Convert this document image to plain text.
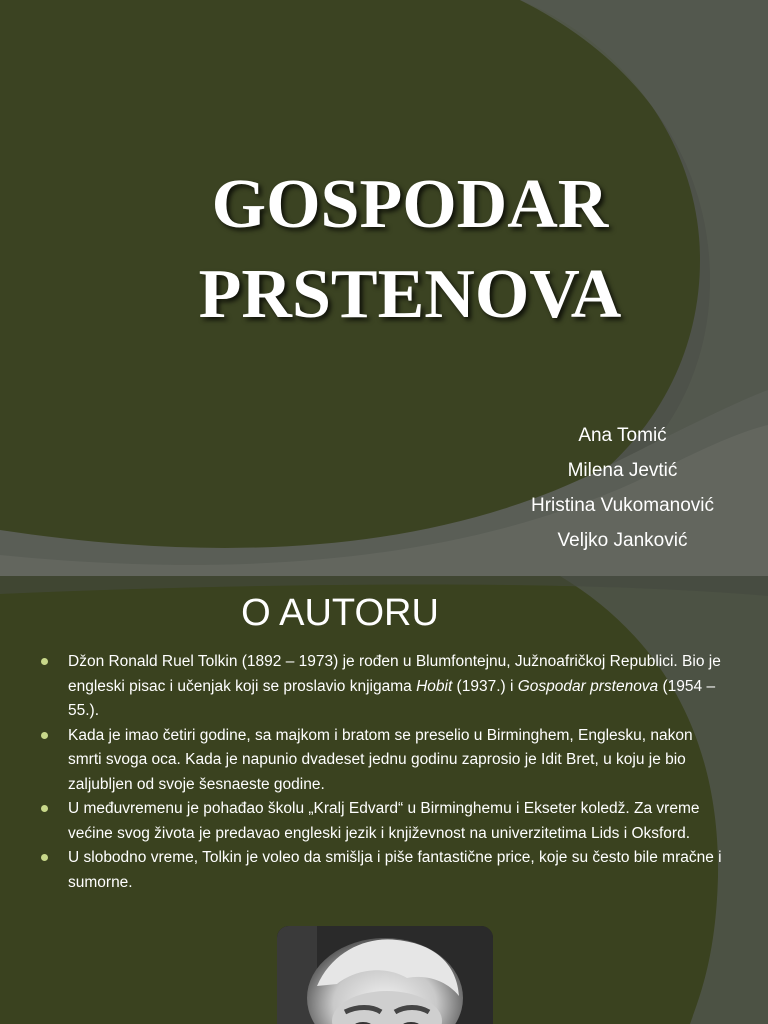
GOSPODAR
PRSTENOVA
Ana Tomić
Milena Jevtić
Hristina Vukomanović
Veljko Janković
O AUTORU
Džon Ronald Ruel Tolkin (1892 – 1973) je rođen u Blumfontejnu, Južnoafričkoj Republici. Bio je engleski pisac i učenjak koji se proslavio knjigama Hobit (1937.) i Gospodar prstenova (1954 – 55.).
Kada je imao četiri godine, sa majkom i bratom se preselio u Birminghem, Englesku, nakon smrti svoga oca. Kada je napunio dvadeset jednu godinu zaprosio je Idit Bret, u koju je bio zaljubljen od svoje šesnaeste godine.
U međuvremenu je pohađao školu „Kralj Edvard“ u Birminghemu i Ekseter koledž. Za vreme većine svog života je predavao engleski jezik i književnost na univerzitetima Lids i Oksford.
U slobodno vreme, Tolkin je voleo da smišlja i piše fantastične price, koje su često bile mračne i sumorne.
